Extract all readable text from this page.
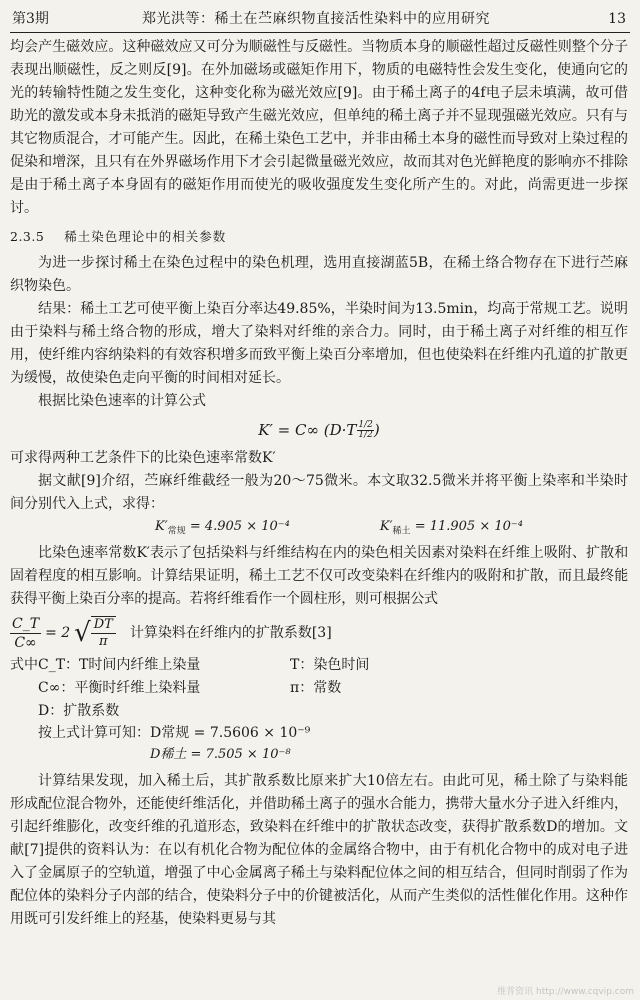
第3期	郑光洪等：稀土在苎麻织物直接活性染料中的应用研究	13

均会产生磁效应。这种磁效应又可分为顺磁性与反磁性。当物质本身的顺磁性超过反磁性则整个分子表现出顺磁性，反之则反[9]。在外加磁场或磁矩作用下，物质的电磁特性会发生变化，使通向它的光的转输特性随之发生变化，这种变化称为磁光效应[9]。由于稀土离子的4f电子层未填满，故可借助光的激发或本身未抵消的磁矩导致产生磁光效应，但单纯的稀土离子并不显现强磁光效应。只有与其它物质混合，才可能产生。因此，在稀土染色工艺中，并非由稀土本身的磁性而导致对上染过程的促染和增深，且只有在外界磁场作用下才会引起微量磁光效应，故而其对色光鲜艳度的影响亦不排除是由于稀土离子本身固有的磁矩作用而使光的吸收强度发生变化所产生的。对此，尚需更进一步探讨。

2.3.5 稀土染色理论中的相关参数

为进一步探讨稀土在染色过程中的染色机理，选用直接湖蓝5B，在稀土络合物存在下进行苎麻织物染色。

结果：稀土工艺可使平衡上染百分率达49.85%，半染时间为13.5min，均高于常规工艺。说明由于染料与稀土络合物的形成，增大了染料对纤维的亲合力。同时，由于稀土离子对纤维的相互作用，使纤维内容纳染料的有效容积增多而致平衡上染百分率增加，但也使染料在纤维内孔道的扩散更为缓慢，故使染色走向平衡的时间相对延长。

根据比染色速率的计算公式

K′ = C∞ ($D\cdot T \frac{1/2}{1/2}$ )

可求得两种工艺条件下的比染色速率常数K′

据文献[9]介绍，苎麻纤维截经一般为20～75微米。本文取32.5微米并将平衡上染率和半染时间分别代入上式，求得：

$K'_{常规} = 4.905 \times 10^{-4}$	$K'_{稀土} = 11.905 \times 10^{-4}$

比染色速率常数K′表示了包括染料与纤维结构在内的染色相关因素对染料在纤维上吸附、扩散和固着程度的相互影响。计算结果证明，稀土工艺不仅可改变染料在纤维内的吸附和扩散，而且最终能获得平衡上染百分率的提高。若将纤维看作一个圆柱形，则可根据公式

$\frac{C\_T}{C\infty} = 2$ √ $\frac{DT}{\pi}$ 计算染料在纤维内的扩散系数[3]
式中C_T：T时间内纤维上染量	T：染色时间
C∞：平衡时纤维上染料量	π：常数
D：扩散系数
按上式计算可知：D常规 = 7.5606 × 10⁻⁹
D稀土 = 7.505 × 10⁻⁸

计算结果发现，加入稀土后，其扩散系数比原来扩大10倍左右。由此可见，稀土除了与染料能形成配位混合物外，还能使纤维活化，并借助稀土离子的强水合能力，携带大量水分子进入纤维内，引起纤维膨化，改变纤维的孔道形态，致染料在纤维中的扩散状态改变，获得扩散系数D的增加。文献[7]提供的资料认为：在以有机化合物为配位体的金属络合物中，由于有机化合物中的成对电子进入了金属原子的空轨道，增强了中心金属离子稀土与染料配位体之间的相互结合，但同时削弱了作为配位体的染料分子内部的结合，使染料分子中的价键被活化，从而产生类似的活性催化作用。这种作用既可引发纤维上的羟基，使染料更易与其

维普资讯 http://www.cqvip.com
